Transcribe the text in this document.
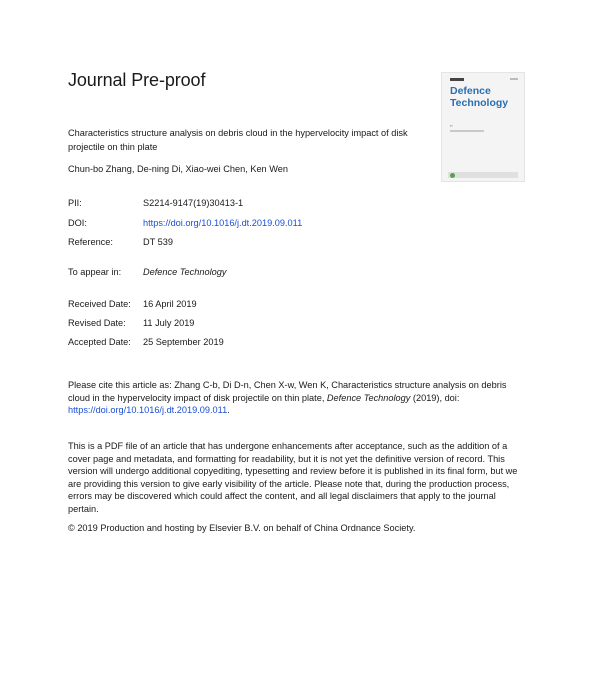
Journal Pre-proof
Defence
Technology
▪▪
Characteristics structure analysis on debris cloud in the hypervelocity impact of disk projectile on thin plate
Chun-bo Zhang, De-ning Di, Xiao-wei Chen, Ken Wen
PII:	S2214-9147(19)30413-1
DOI:	https://doi.org/10.1016/j.dt.2019.09.011
Reference:	DT 539
To appear in: Defence Technology
Received Date: 16 April 2019
Revised Date: 11 July 2019
Accepted Date: 25 September 2019
Please cite this article as: Zhang C-b, Di D-n, Chen X-w, Wen K, Characteristics structure analysis on debris cloud in the hypervelocity impact of disk projectile on thin plate, Defence Technology (2019), doi: https://doi.org/10.1016/j.dt.2019.09.011.
This is a PDF file of an article that has undergone enhancements after acceptance, such as the addition of a cover page and metadata, and formatting for readability, but it is not yet the definitive version of record. This version will undergo additional copyediting, typesetting and review before it is published in its final form, but we are providing this version to give early visibility of the article. Please note that, during the production process, errors may be discovered which could affect the content, and all legal disclaimers that apply to the journal pertain.
© 2019 Production and hosting by Elsevier B.V. on behalf of China Ordnance Society.
